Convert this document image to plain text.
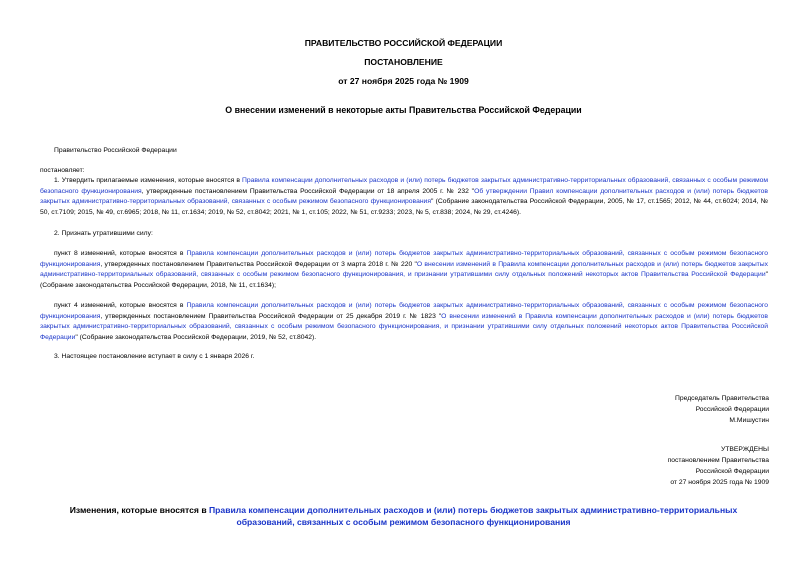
ПРАВИТЕЛЬСТВО РОССИЙСКОЙ ФЕДЕРАЦИИ
ПОСТАНОВЛЕНИЕ
от 27 ноября 2025 года № 1909
О внесении изменений в некоторые акты Правительства Российской Федерации
Правительство Российской Федерации
постановляет:
1. Утвердить прилагаемые изменения, которые вносятся в Правила компенсации дополнительных расходов и (или) потерь бюджетов закрытых административно-территориальных образований, связанных с особым режимом безопасного функционирования, утвержденные постановлением Правительства Российской Федерации от 18 апреля 2005 г. № 232 "Об утверждении Правил компенсации дополнительных расходов и (или) потерь бюджетов закрытых административно-территориальных образований, связанных с особым режимом безопасного функционирования" (Собрание законодательства Российской Федерации, 2005, № 17, ст.1565; 2012, № 44, ст.6024; 2014, № 50, ст.7109; 2015, № 49, ст.6965; 2018, № 11, ст.1634; 2019, № 52, ст.8042; 2021, № 1, ст.105; 2022, № 51, ст.9233; 2023, № 5, ст.838; 2024, № 29, ст.4246).
2. Признать утратившими силу:
пункт 8 изменений, которые вносятся в Правила компенсации дополнительных расходов и (или) потерь бюджетов закрытых административно-территориальных образований, связанных с особым режимом безопасного функционирования, утвержденных постановлением Правительства Российской Федерации от 3 марта 2018 г. № 220 "О внесении изменений в Правила компенсации дополнительных расходов и (или) потерь бюджетов закрытых административно-территориальных образований, связанных с особым режимом безопасного функционирования, и признании утратившими силу отдельных положений некоторых актов Правительства Российской Федерации" (Собрание законодательства Российской Федерации, 2018, № 11, ст.1634);
пункт 4 изменений, которые вносятся в Правила компенсации дополнительных расходов и (или) потерь бюджетов закрытых административно-территориальных образований, связанных с особым режимом безопасного функционирования, утвержденных постановлением Правительства Российской Федерации от 25 декабря 2019 г. № 1823 "О внесении изменений в Правила компенсации дополнительных расходов и (или) потерь бюджетов закрытых административно-территориальных образований, связанных с особым режимом безопасного функционирования, и признании утратившими силу отдельных положений некоторых актов Правительства Российской Федерации" (Собрание законодательства Российской Федерации, 2019, № 52, ст.8042).
3. Настоящее постановление вступает в силу с 1 января 2026 г.
Председатель Правительства
Российской Федерации
М.Мишустин
УТВЕРЖДЕНЫ
постановлением Правительства
Российской Федерации
от 27 ноября 2025 года № 1909
Изменения, которые вносятся в Правила компенсации дополнительных расходов и (или) потерь бюджетов закрытых административно-территориальных образований, связанных с особым режимом безопасного функционирования
